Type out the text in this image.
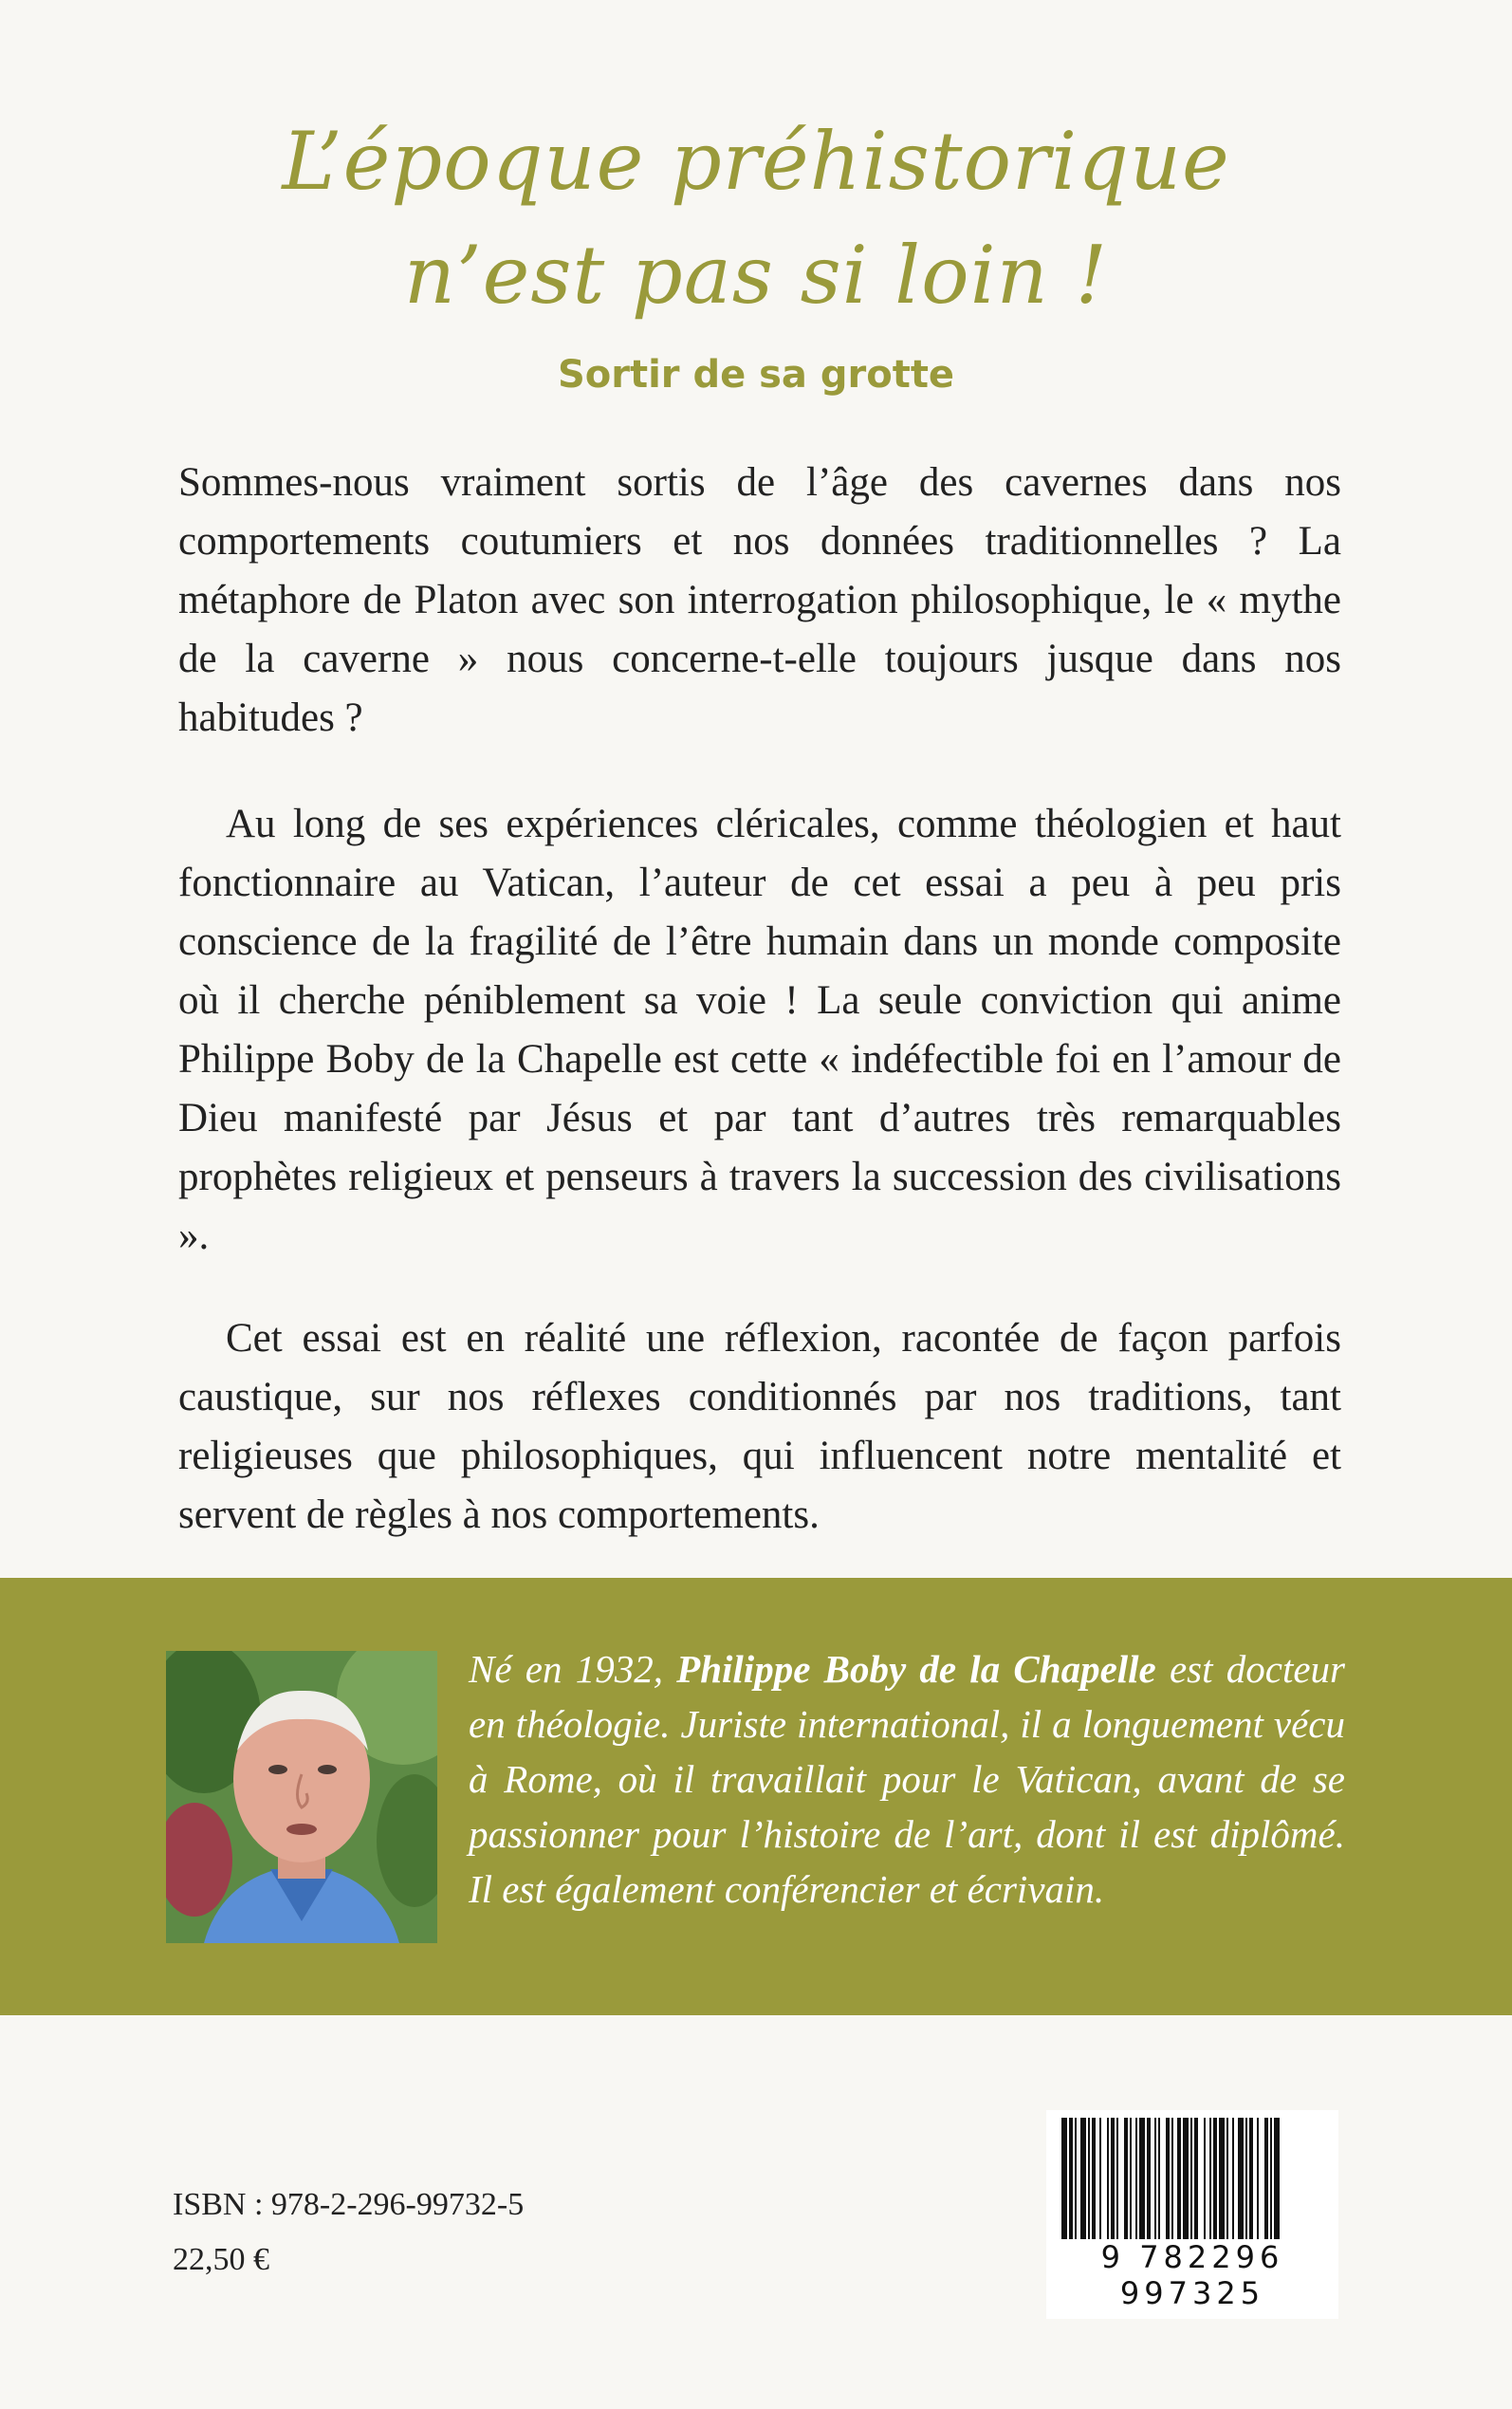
L’époque préhistorique
n’est pas si loin !
Sortir de sa grotte

Sommes-nous vraiment sortis de l’âge des cavernes dans nos comportements coutumiers et nos données traditionnelles ? La métaphore de Platon avec son interrogation philosophique, le « mythe de la caverne » nous concerne-t-elle toujours jusque dans nos habitudes ?

Au long de ses expériences cléricales, comme théologien et haut fonctionnaire au Vatican, l’auteur de cet essai a peu à peu pris conscience de la fragilité de l’être humain dans un monde composite où il cherche péniblement sa voie ! La seule conviction qui anime Philippe Boby de la Chapelle est cette « indéfectible foi en l’amour de Dieu manifesté par Jésus et par tant d’autres très remarquables prophètes religieux et penseurs à travers la succession des civilisations ».

Cet essai est en réalité une réflexion, racontée de façon parfois caustique, sur nos réflexes conditionnés par nos traditions, tant religieuses que philosophiques, qui influencent notre mentalité et servent de règles à nos comportements.

Né en 1932, Philippe Boby de la Chapelle est docteur en théologie. Juriste international, il a longuement vécu à Rome, où il travaillait pour le Vatican, avant de se passionner pour l’histoire de l’art, dont il est diplômé. Il est également conférencier et écrivain.

ISBN : 978-2-296-99732-5
22,50 €	9 782296 997325
